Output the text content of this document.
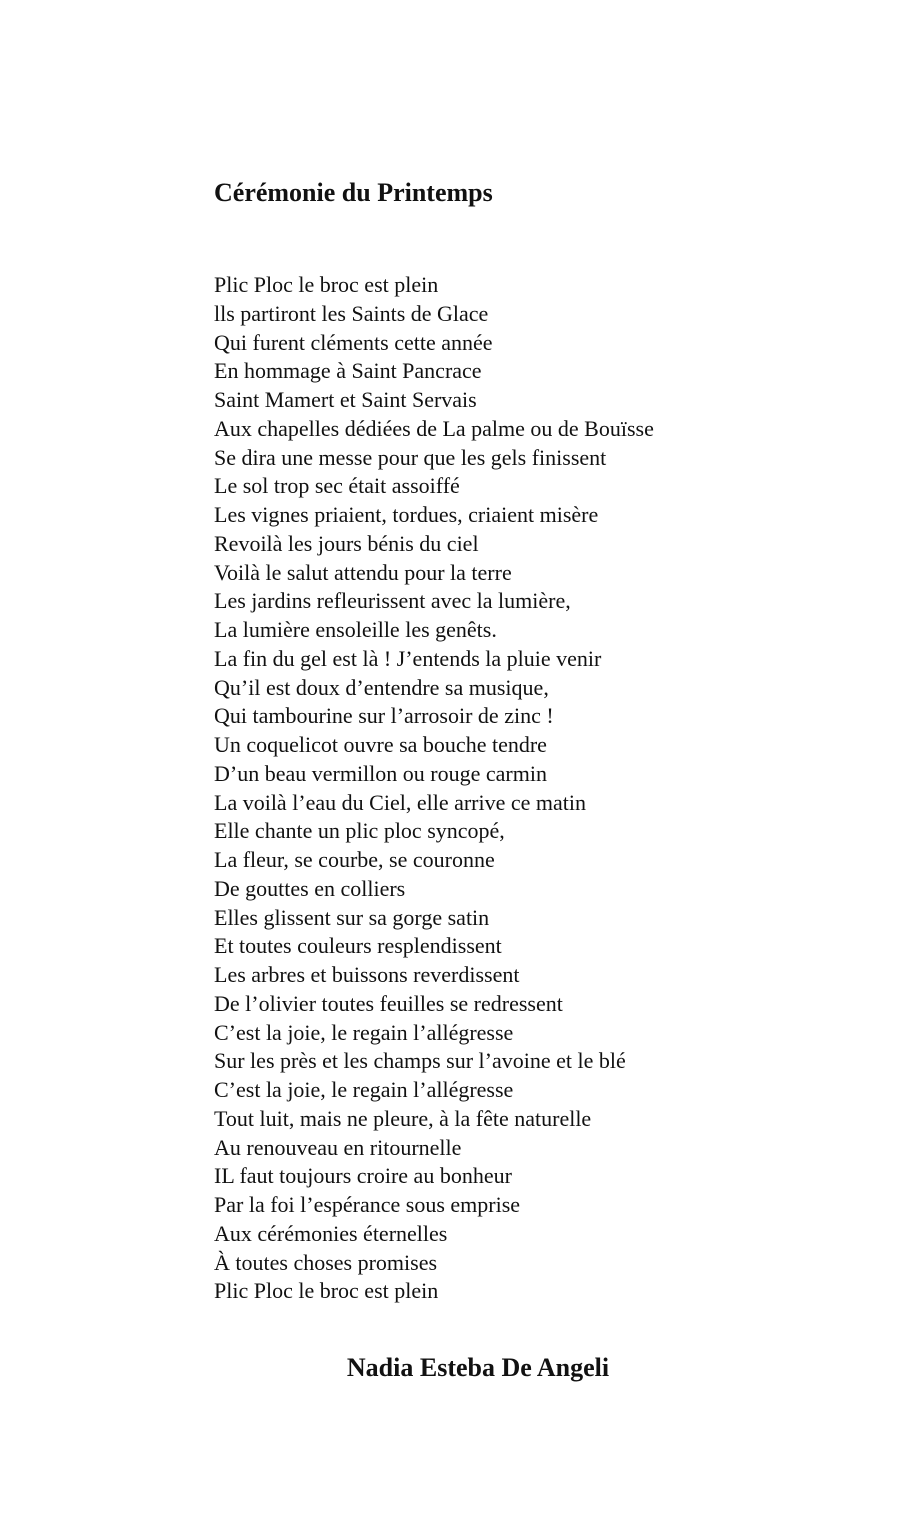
Cérémonie du Printemps
Plic Ploc le broc est plein
lls partiront les Saints de Glace
Qui furent cléments cette année
En hommage à Saint Pancrace
Saint Mamert et Saint Servais
Aux chapelles dédiées de La palme ou de Bouïsse
Se dira une messe pour que les gels finissent
Le sol trop sec était assoiffé
Les vignes priaient, tordues, criaient misère
Revoilà les jours bénis du ciel
Voilà le salut attendu pour la terre
Les jardins refleurissent avec la lumière,
La lumière ensoleille les genêts.
La fin du gel est là ! J’entends la pluie venir
Qu’il est doux d’entendre sa musique,
Qui tambourine sur l’arrosoir de zinc !
Un coquelicot ouvre sa bouche tendre
D’un beau vermillon ou rouge carmin
La voilà l’eau du Ciel, elle arrive ce matin
Elle chante un plic ploc syncopé,
La fleur, se courbe, se couronne
De gouttes en colliers
Elles glissent sur sa gorge satin
Et toutes couleurs resplendissent
Les arbres et buissons reverdissent
De l’olivier toutes feuilles se redressent
C’est la joie, le regain l’allégresse
Sur les près et les champs sur l’avoine et le blé
C’est la joie, le regain l’allégresse
Tout luit, mais ne pleure, à la fête naturelle
Au renouveau en ritournelle
IL faut toujours croire au bonheur
Par la foi l’espérance sous emprise
Aux cérémonies éternelles
À toutes choses promises
Plic Ploc le broc est plein

Nadia Esteba De Angeli
